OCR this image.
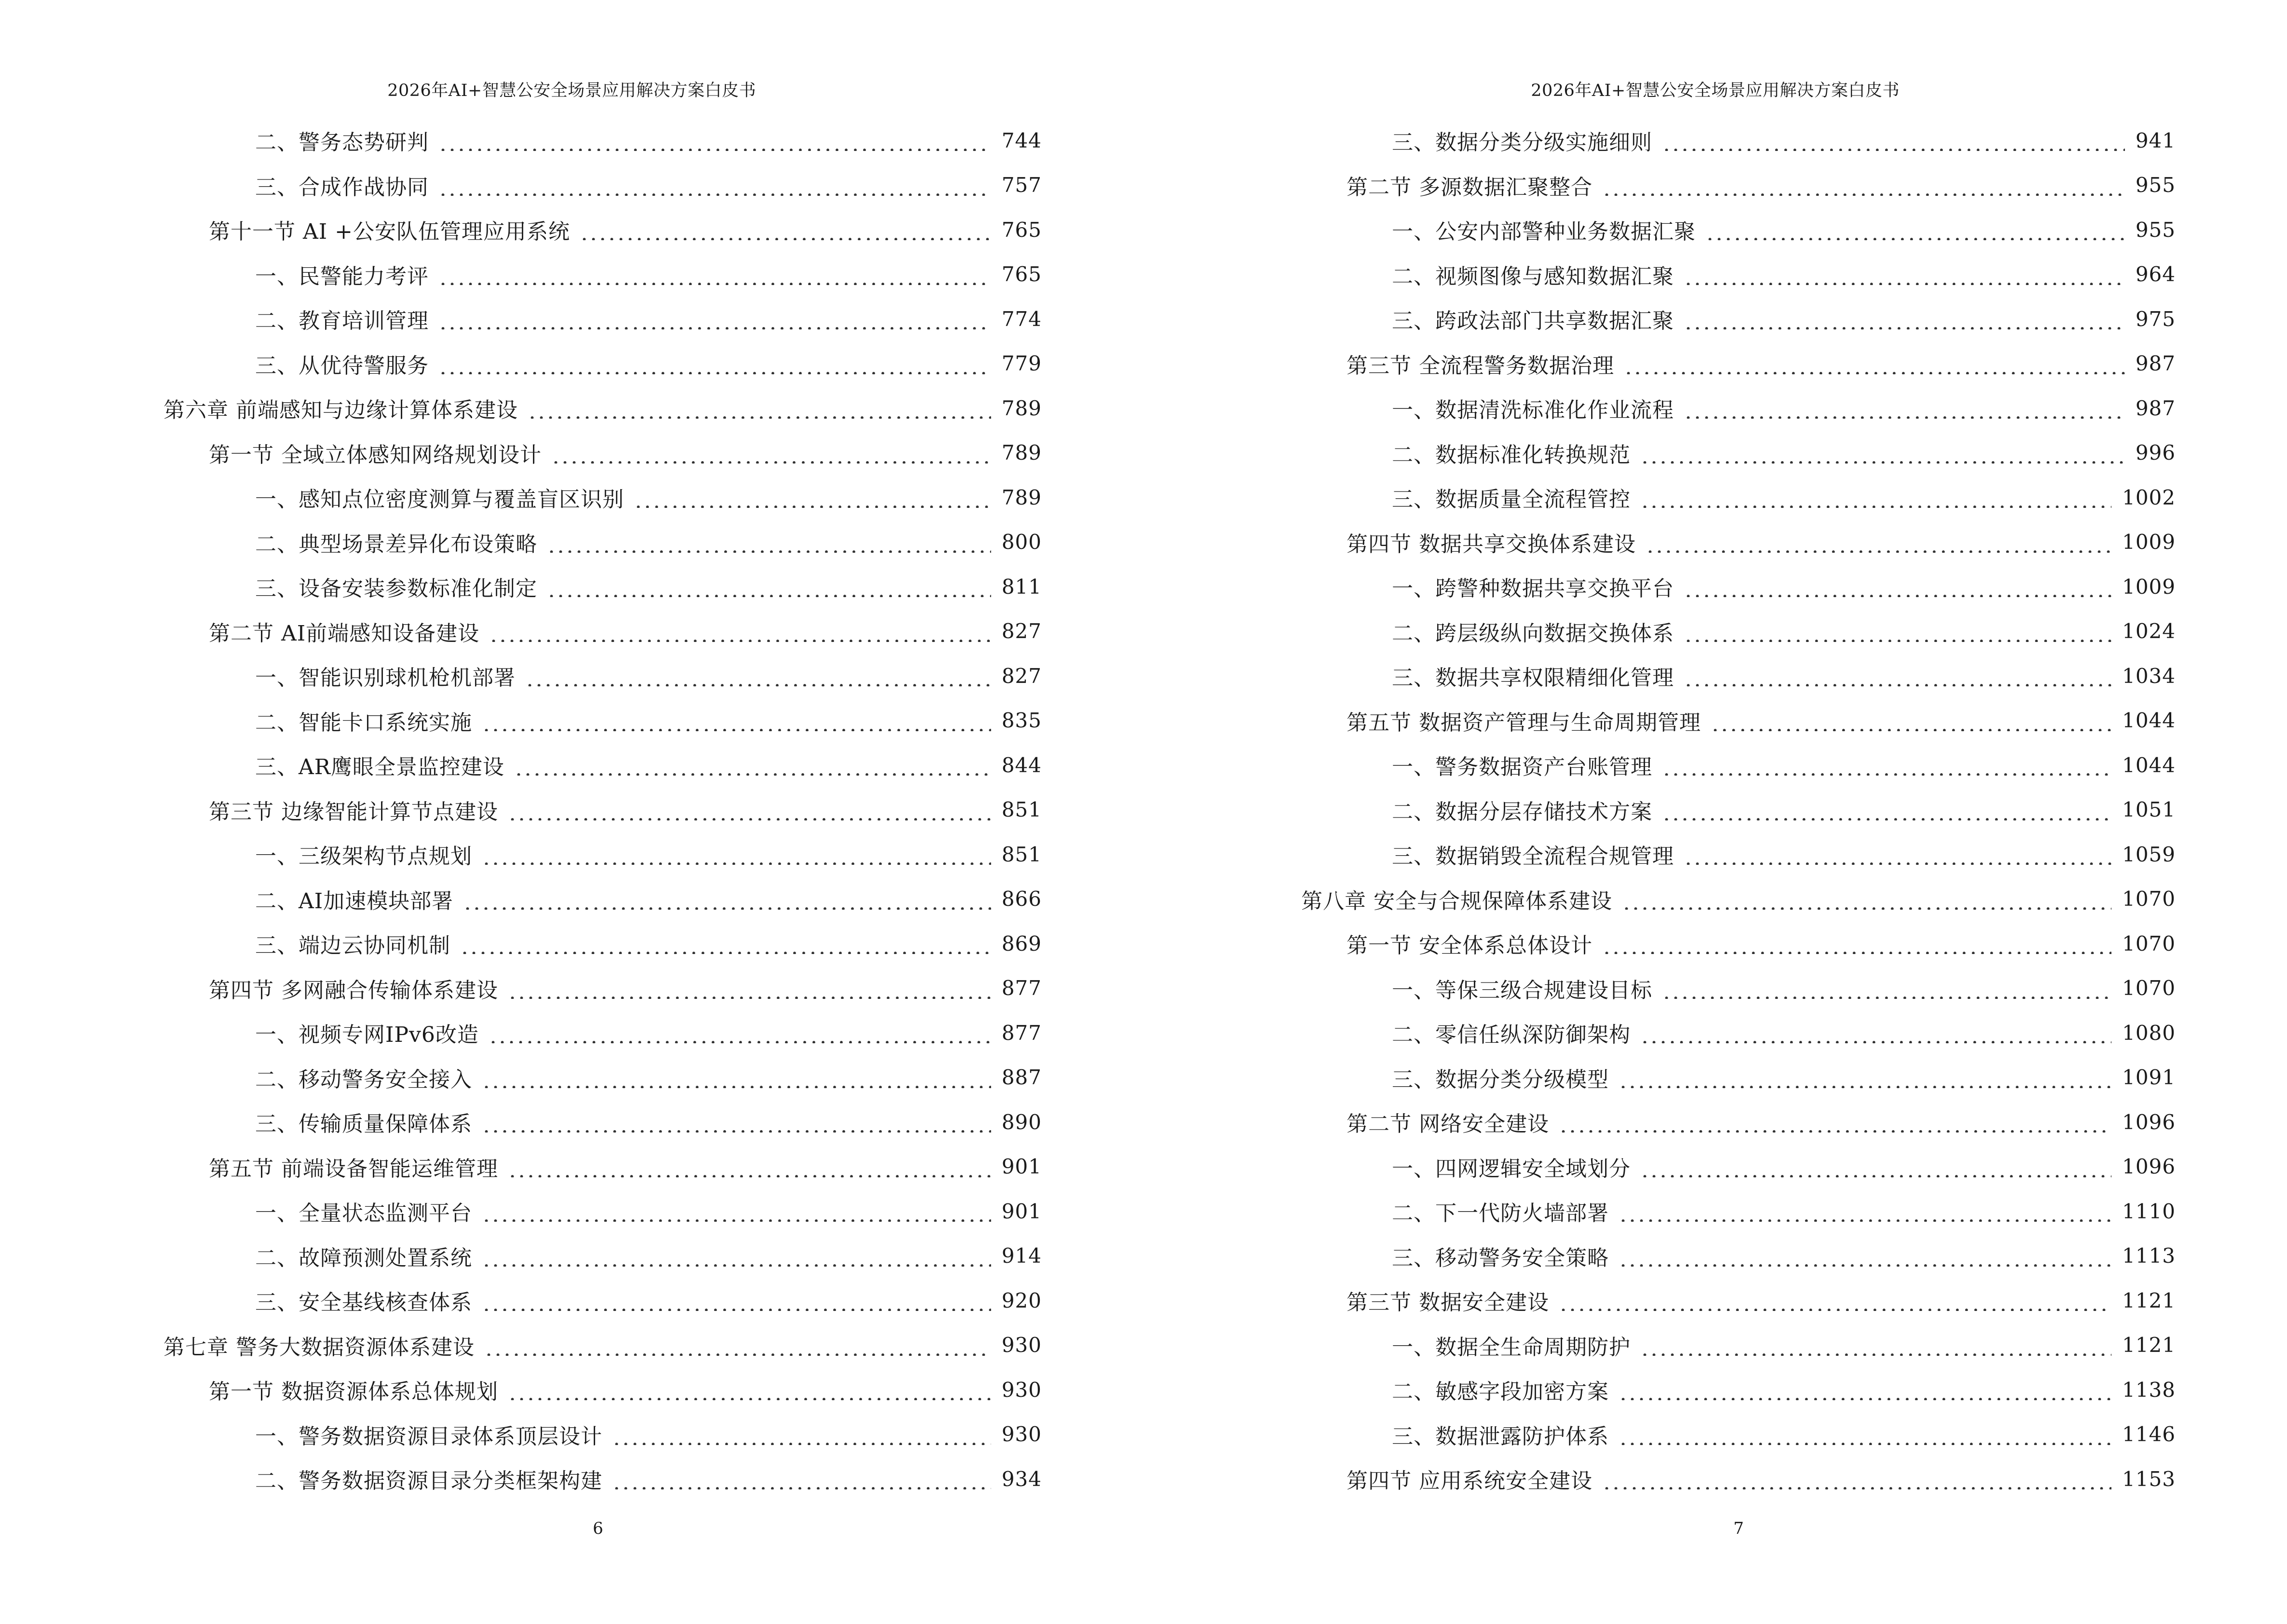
2026年AI+智慧公安全场景应用解决方案白皮书
二、警务态势研判	744
三、合成作战协同	757
第十一节 AI +公安队伍管理应用系统	765
一、民警能力考评	765
二、教育培训管理	774
三、从优待警服务	779
第六章 前端感知与边缘计算体系建设	789
第一节 全域立体感知网络规划设计	789
一、感知点位密度测算与覆盖盲区识别	789
二、典型场景差异化布设策略	800
三、设备安装参数标准化制定	811
第二节 AI前端感知设备建设	827
一、智能识别球机枪机部署	827
二、智能卡口系统实施	835
三、AR鹰眼全景监控建设	844
第三节 边缘智能计算节点建设	851
一、三级架构节点规划	851
二、AI加速模块部署	866
三、端边云协同机制	869
第四节 多网融合传输体系建设	877
一、视频专网IPv6改造	877
二、移动警务安全接入	887
三、传输质量保障体系	890
第五节 前端设备智能运维管理	901
一、全量状态监测平台	901
二、故障预测处置系统	914
三、安全基线核查体系	920
第七章 警务大数据资源体系建设	930
第一节 数据资源体系总体规划	930
一、警务数据资源目录体系顶层设计	930
二、警务数据资源目录分类框架构建	934
6
2026年AI+智慧公安全场景应用解决方案白皮书
三、数据分类分级实施细则	941
第二节 多源数据汇聚整合	955
一、公安内部警种业务数据汇聚	955
二、视频图像与感知数据汇聚	964
三、跨政法部门共享数据汇聚	975
第三节 全流程警务数据治理	987
一、数据清洗标准化作业流程	987
二、数据标准化转换规范	996
三、数据质量全流程管控	1002
第四节 数据共享交换体系建设	1009
一、跨警种数据共享交换平台	1009
二、跨层级纵向数据交换体系	1024
三、数据共享权限精细化管理	1034
第五节 数据资产管理与生命周期管理	1044
一、警务数据资产台账管理	1044
二、数据分层存储技术方案	1051
三、数据销毁全流程合规管理	1059
第八章 安全与合规保障体系建设	1070
第一节 安全体系总体设计	1070
一、等保三级合规建设目标	1070
二、零信任纵深防御架构	1080
三、数据分类分级模型	1091
第二节 网络安全建设	1096
一、四网逻辑安全域划分	1096
二、下一代防火墙部署	1110
三、移动警务安全策略	1113
第三节 数据安全建设	1121
一、数据全生命周期防护	1121
二、敏感字段加密方案	1138
三、数据泄露防护体系	1146
第四节 应用系统安全建设	1153
7
